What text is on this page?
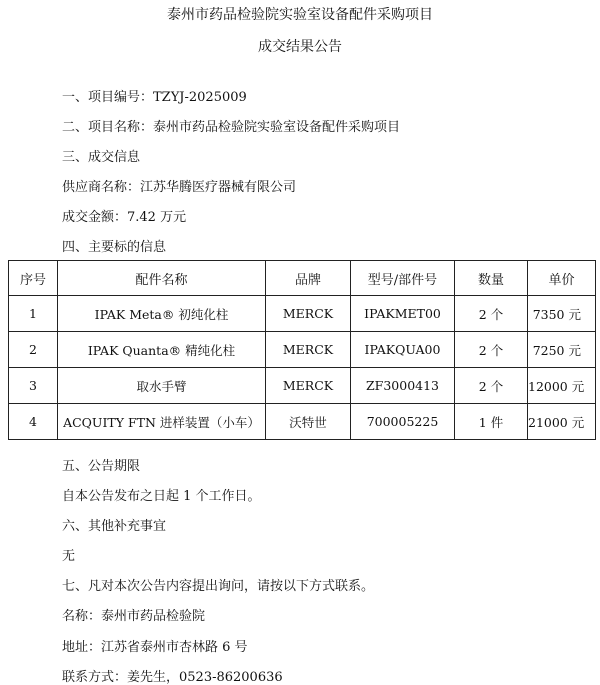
泰州市药品检验院实验室设备配件采购项目
成交结果公告
一、项目编号：TZYJ-2025009
二、项目名称：泰州市药品检验院实验室设备配件采购项目
三、成交信息
供应商名称：江苏华腾医疗器械有限公司
成交金额：7.42 万元
四、主要标的信息
序号	配件名称	品牌	型号/部件号	数量	单价
1	IPAK Meta® 初纯化柱	MERCK	IPAKMET00	2 个	7350 元
2	IPAK Quanta® 精纯化柱	MERCK	IPAKQUA00	2 个	7250 元
3	取水手臂	MERCK	ZF3000413	2 个	12000 元
4	ACQUITY FTN 进样装置（小车）	沃特世	700005225	1 件	21000 元
五、公告期限
自本公告发布之日起 1 个工作日。
六、其他补充事宜
无
七、凡对本次公告内容提出询问，请按以下方式联系。
名称：泰州市药品检验院
地址：江苏省泰州市杏林路 6 号
联系方式：姜先生，0523-86200636
